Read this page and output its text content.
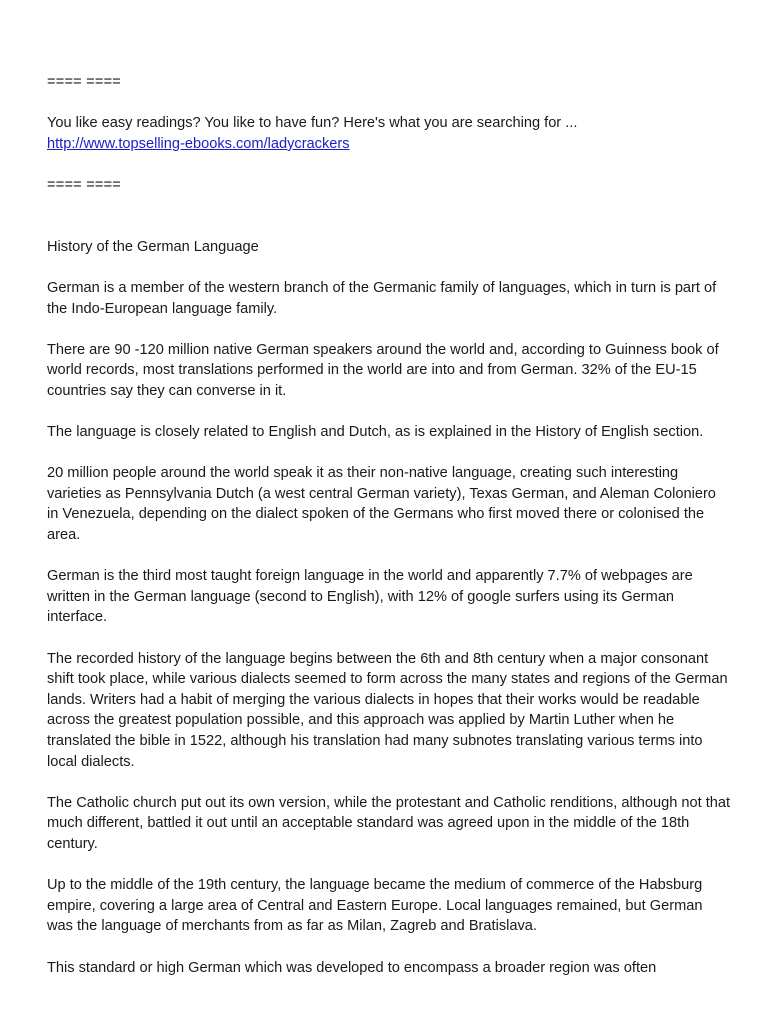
==== ====

You like easy readings? You like to have fun? Here's what you are searching for ...

http://www.topselling-ebooks.com/ladycrackers

==== ====

History of the German Language

German is a member of the western branch of the Germanic family of languages, which in turn is part of the Indo-European language family.

There are 90 -120 million native German speakers around the world and, according to Guinness book of world records, most translations performed in the world are into and from German. 32% of the EU-15 countries say they can converse in it.

The language is closely related to English and Dutch, as is explained in the History of English section.

20 million people around the world speak it as their non-native language, creating such interesting varieties as Pennsylvania Dutch (a west central German variety), Texas German, and Aleman Coloniero in Venezuela, depending on the dialect spoken of the Germans who first moved there or colonised the area.

German is the third most taught foreign language in the world and apparently 7.7% of webpages are written in the German language (second to English), with 12% of google surfers using its German interface.

The recorded history of the language begins between the 6th and 8th century when a major consonant shift took place, while various dialects seemed to form across the many states and regions of the German lands. Writers had a habit of merging the various dialects in hopes that their works would be readable across the greatest population possible, and this approach was applied by Martin Luther when he translated the bible in 1522, although his translation had many subnotes translating various terms into local dialects.

The Catholic church put out its own version, while the protestant and Catholic renditions, although not that much different, battled it out until an acceptable standard was agreed upon in the middle of the 18th century.

Up to the middle of the 19th century, the language became the medium of commerce of the Habsburg empire, covering a large area of Central and Eastern Europe. Local languages remained, but German was the language of merchants from as far as Milan, Zagreb and Bratislava.

This standard or high German which was developed to encompass a broader region was often
